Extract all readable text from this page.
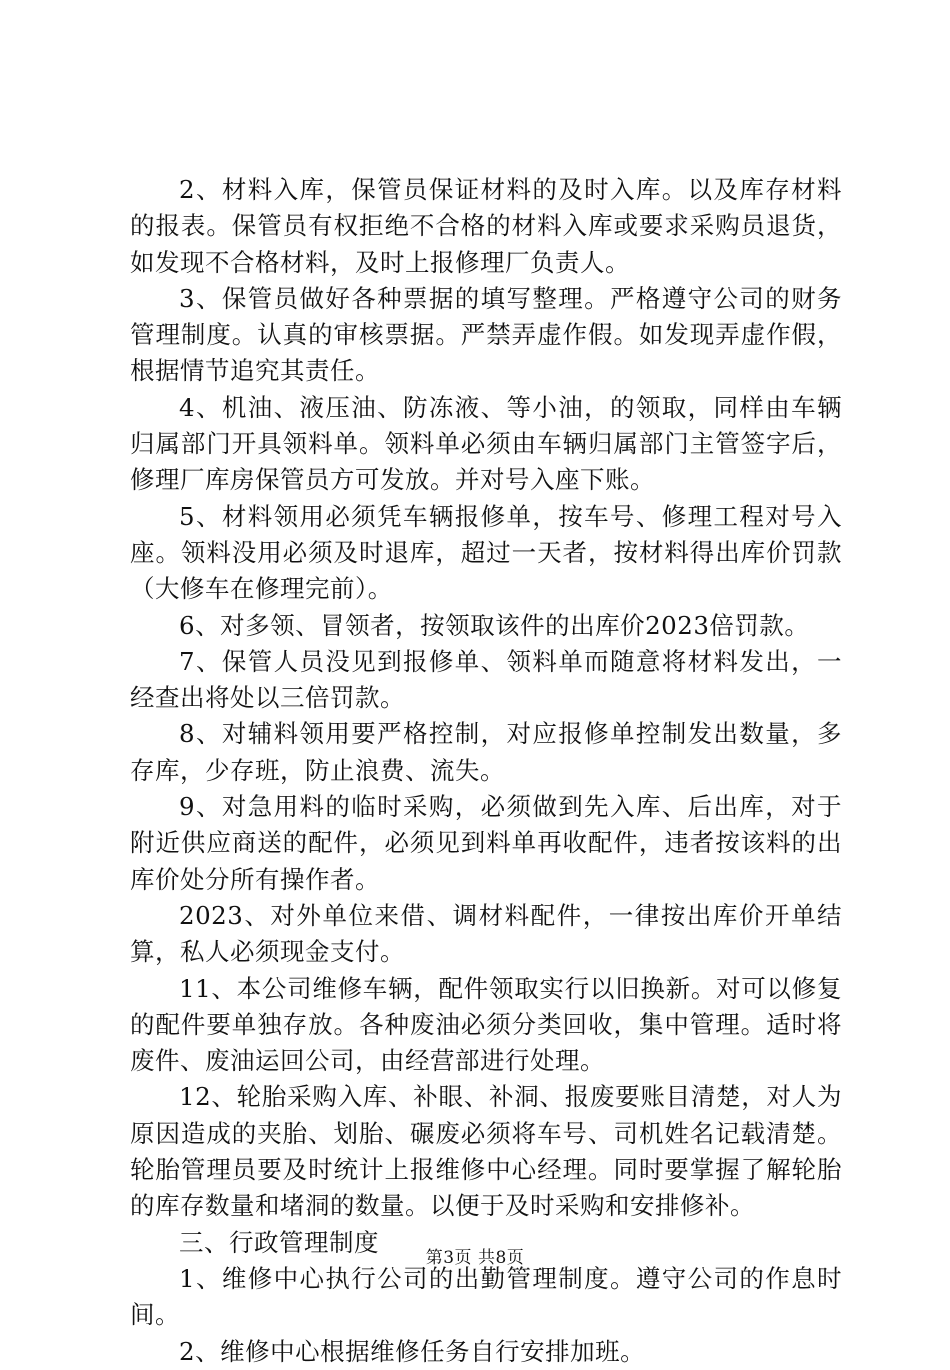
2、材料入库，保管员保证材料的及时入库。以及库存材料的报表。保管员有权拒绝不合格的材料入库或要求采购员退货，如发现不合格材料，及时上报修理厂负责人。

3、保管员做好各种票据的填写整理。严格遵守公司的财务管理制度。认真的审核票据。严禁弄虚作假。如发现弄虚作假，根据情节追究其责任。

4、机油、液压油、防冻液、等小油，的领取，同样由车辆归属部门开具领料单。领料单必须由车辆归属部门主管签字后，修理厂库房保管员方可发放。并对号入座下账。

5、材料领用必须凭车辆报修单，按车号、修理工程对号入座。领料没用必须及时退库，超过一天者，按材料得出库价罚款（大修车在修理完前）。

6、对多领、冒领者，按领取该件的出库价2023倍罚款。

7、保管人员没见到报修单、领料单而随意将材料发出，一经查出将处以三倍罚款。

8、对辅料领用要严格控制，对应报修单控制发出数量，多存库，少存班，防止浪费、流失。

9、对急用料的临时采购，必须做到先入库、后出库，对于附近供应商送的配件，必须见到料单再收配件，违者按该料的出库价处分所有操作者。

2023、对外单位来借、调材料配件，一律按出库价开单结算，私人必须现金支付。

11、本公司维修车辆，配件领取实行以旧换新。对可以修复的配件要单独存放。各种废油必须分类回收，集中管理。适时将废件、废油运回公司，由经营部进行处理。

12、轮胎采购入库、补眼、补洞、报废要账目清楚，对人为原因造成的夹胎、划胎、碾废必须将车号、司机姓名记载清楚。轮胎管理员要及时统计上报维修中心经理。同时要掌握了解轮胎的库存数量和堵洞的数量。以便于及时采购和安排修补。

三、行政管理制度

1、维修中心执行公司的出勤管理制度。遵守公司的作息时间。

2、维修中心根据维修任务自行安排加班。

第3页 共8页
